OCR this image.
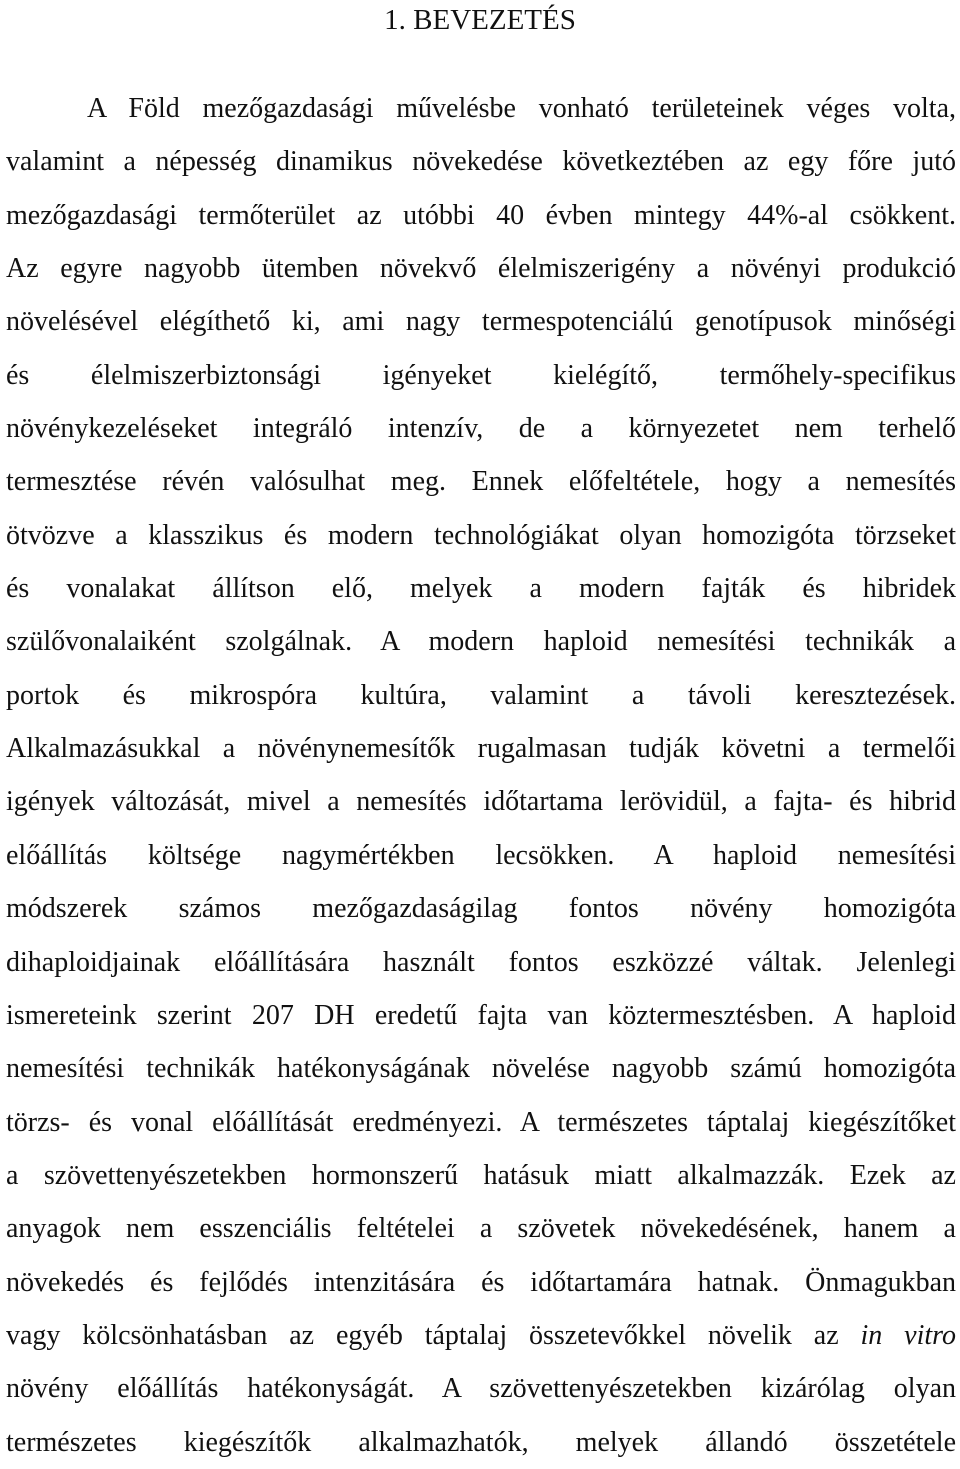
1. BEVEZETÉS
A Föld mezőgazdasági művelésbe vonható területeinek véges volta,
valamint a népesség dinamikus növekedése következtében az egy főre jutó
mezőgazdasági termőterület az utóbbi 40 évben mintegy 44%-al csökkent.
Az egyre nagyobb ütemben növekvő élelmiszerigény a növényi produkció
növelésével elégíthető ki, ami nagy termespotenciálú genotípusok minőségi
és élelmiszerbiztonsági igényeket kielégítő, termőhely-specifikus
növénykezeléseket integráló intenzív, de a környezetet nem terhelő
termesztése révén valósulhat meg. Ennek előfeltétele, hogy a nemesítés
ötvözve a klasszikus és modern technológiákat olyan homozigóta törzseket
és vonalakat állítson elő, melyek a modern fajták és hibridek
szülővonalaiként szolgálnak. A modern haploid nemesítési technikák a
portok és mikrospóra kultúra, valamint a távoli keresztezések.
Alkalmazásukkal a növénynemesítők rugalmasan tudják követni a termelői
igények változását, mivel a nemesítés időtartama lerövidül, a fajta- és hibrid
előállítás költsége nagymértékben lecsökken. A haploid nemesítési
módszerek számos mezőgazdaságilag fontos növény homozigóta
dihaploidjainak előállítására használt fontos eszközzé váltak. Jelenlegi
ismereteink szerint 207 DH eredetű fajta van köztermesztésben. A haploid
nemesítési technikák hatékonyságának növelése nagyobb számú homozigóta
törzs- és vonal előállítását eredményezi. A természetes táptalaj kiegészítőket
a szövettenyészetekben hormonszerű hatásuk miatt alkalmazzák. Ezek az
anyagok nem esszenciális feltételei a szövetek növekedésének, hanem a
növekedés és fejlődés intenzitására és időtartamára hatnak. Önmagukban
vagy kölcsönhatásban az egyéb táptalaj összetevőkkel növelik az in vitro
növény előállítás hatékonyságát. A szövettenyészetekben kizárólag olyan
természetes kiegészítők alkalmazhatók, melyek állandó összetétele
